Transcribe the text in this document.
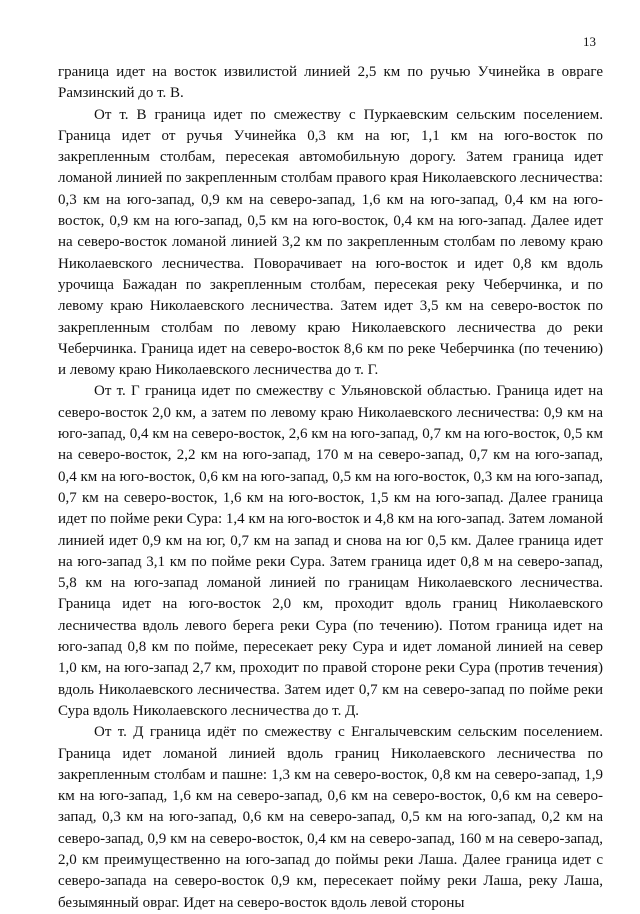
13

граница идет на восток извилистой линией 2,5 км по ручью Учинейка в овраге Рамзинский до т. В.

От т. В граница идет по смежеству с Пуркаевским сельским поселением. Граница идет от ручья Учинейка 0,3 км на юг, 1,1 км на юго-восток по закрепленным столбам, пересекая автомобильную дорогу. Затем граница идет ломаной линией по закрепленным столбам правого края Николаевского лесничества: 0,3 км на юго-запад, 0,9 км на северо-запад, 1,6 км на юго-запад, 0,4 км на юго-восток, 0,9 км на юго-запад, 0,5 км на юго-восток, 0,4 км на юго-запад. Далее идет на северо-восток ломаной линией 3,2 км по закрепленным столбам по левому краю Николаевского лесничества. Поворачивает на юго-восток и идет 0,8 км вдоль урочища Бажадан по закрепленным столбам, пересекая реку Чеберчинка, и по левому краю Николаевского лесничества. Затем идет 3,5 км на северо-восток по закрепленным столбам по левому краю Николаевского лесничества до реки Чеберчинка. Граница идет на северо-восток 8,6 км по реке Чеберчинка (по течению) и левому краю Николаевского лесничества до т. Г.

От т. Г граница идет по смежеству с Ульяновской областью. Граница идет на северо-восток 2,0 км, а затем по левому краю Николаевского лесничества: 0,9 км на юго-запад, 0,4 км на северо-восток, 2,6 км на юго-запад, 0,7 км на юго-восток, 0,5 км на северо-восток, 2,2 км на юго-запад, 170 м на северо-запад, 0,7 км на юго-запад, 0,4 км на юго-восток, 0,6 км на юго-запад, 0,5 км на юго-восток, 0,3 км на юго-запад, 0,7 км на северо-восток, 1,6 км на юго-восток, 1,5 км на юго-запад. Далее граница идет по пойме реки Сура: 1,4 км на юго-восток и 4,8 км на юго-запад. Затем ломаной линией идет 0,9 км на юг, 0,7 км на запад и снова на юг 0,5 км. Далее граница идет на юго-запад 3,1 км по пойме реки Сура. Затем граница идет 0,8 м на северо-запад, 5,8 км на юго-запад ломаной линией по границам Николаевского лесничества. Граница идет на юго-восток 2,0 км, проходит вдоль границ Николаевского лесничества вдоль левого берега реки Сура (по течению). Потом граница идет на юго-запад 0,8 км по пойме, пересекает реку Сура и идет ломаной линией на север 1,0 км, на юго-запад 2,7 км, проходит по правой стороне реки Сура (против течения) вдоль Николаевского лесничества. Затем идет 0,7 км на северо-запад по пойме реки Сура вдоль Николаевского лесничества до т. Д.

От т. Д граница идёт по смежеству с Енгалычевским сельским поселением. Граница идет ломаной линией вдоль границ Николаевского лесничества по закрепленным столбам и пашне: 1,3 км на северо-восток, 0,8 км на северо-запад, 1,9 км на юго-запад, 1,6 км на северо-запад, 0,6 км на северо-восток, 0,6 км на северо-запад, 0,3 км на юго-запад, 0,6 км на северо-запад, 0,5 км на юго-запад, 0,2 км на северо-запад, 0,9 км на северо-восток, 0,4 км на северо-запад, 160 м на северо-запад, 2,0 км преимущественно на юго-запад до поймы реки Лаша. Далее граница идет с северо-запада на северо-восток 0,9 км, пересекает пойму реки Лаша, реку Лаша, безымянный овраг. Идет на северо-восток вдоль левой стороны
